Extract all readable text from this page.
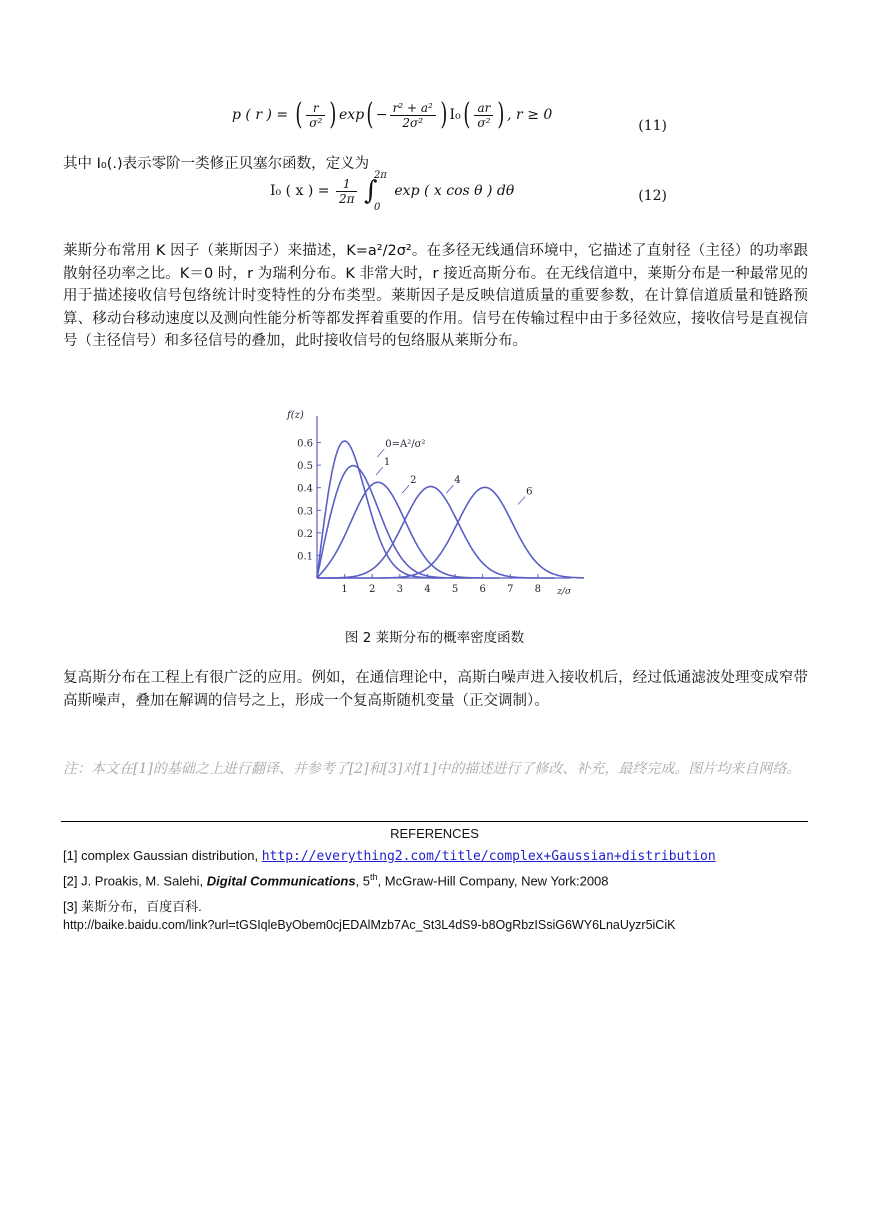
p ( r ) = ( $\frac{r}{\text{σ²}}$ ) $\exp( - \frac{\text{r² + a²}}{\text{2σ²}}$ ) $I_0( \frac{ar}{\text{σ²}}$ ) , r ≥ 0
(11)
其中 I₀(.)表示零阶一类修正贝塞尔函数，定义为
I₀ ( x ) = $\frac{1}{2\pi}$ ∫
2π
0
exp ( x cos θ ) dθ	(12)
莱斯分布常用 K 因子（莱斯因子）来描述，K=a²/2σ²。在多径无线通信环境中，它描述了直射径（主径）的功率跟散射径功率之比。K＝0 时，r 为瑞利分布。K 非常大时，r 接近高斯分布。在无线信道中，莱斯分布是一种最常见的用于描述接收信号包络统计时变特性的分布类型。莱斯因子是反映信道质量的重要参数，在计算信道质量和链路预算、移动台移动速度以及测向性能分析等都发挥着重要的作用。信号在传输过程中由于多径效应，接收信号是直视信号（主径信号）和多径信号的叠加，此时接收信号的包络服从莱斯分布。
0.6
0.5
0.4
0.3
0.2
0.1
1 2 3 4 5 6 7 8
f(z)
z/σ
0=A²/σ²
1
2	4
6
图 2 莱斯分布的概率密度函数
复高斯分布在工程上有很广泛的应用。例如，在通信理论中，高斯白噪声进入接收机后，经过低通滤波处理变成窄带高斯噪声，叠加在解调的信号之上，形成一个复高斯随机变量（正交调制）。
注：本文在[1]的基础之上进行翻译、并参考了[2]和[3]对[1]中的描述进行了修改、补充，最终完成。图片均来自网络。
REFERENCES
[1] complex Gaussian distribution, http://everything2.com/title/complex+Gaussian+distribution
[2] J. Proakis, M. Salehi, Digital Communications, 5th, McGraw-Hill Company, New York:2008
[3] 莱斯分布，百度百科.
http://baike.baidu.com/link?url=tGSIqleByObem0cjEDAlMzb7Ac_St3L4dS9-b8OgRbzISsiG6WY6LnaUyzr5iCiK
